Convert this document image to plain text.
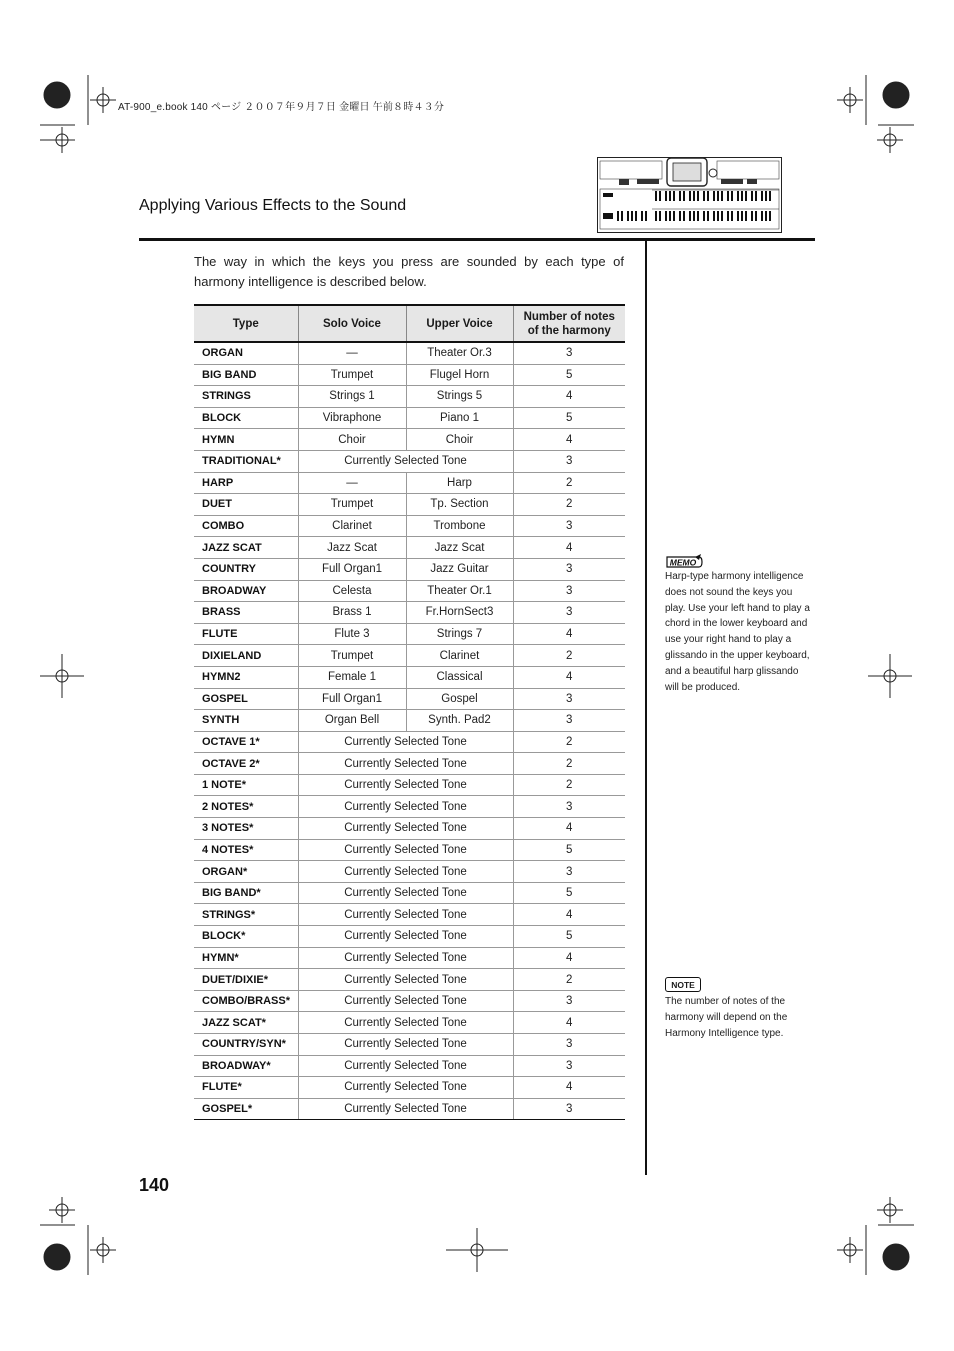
AT-900_e.book 140 ページ ２００７年９月７日 金曜日 午前８時４３分
Applying Various Effects to the Sound
The way in which the keys you press are sounded by each type of harmony intelligence is described below.
Type	Solo Voice	Upper Voice	Number of notes
of the harmony
ORGAN	—	Theater Or.3	3
BIG BAND	Trumpet	Flugel Horn	5
STRINGS	Strings 1	Strings 5	4
BLOCK	Vibraphone	Piano 1	5
HYMN	Choir	Choir	4
TRADITIONAL*	Currently Selected Tone		3
HARP	—	Harp	2
DUET	Trumpet	Tp. Section	2
COMBO	Clarinet	Trombone	3
JAZZ SCAT	Jazz Scat	Jazz Scat	4
COUNTRY	Full Organ1	Jazz Guitar	3
BROADWAY	Celesta	Theater Or.1	3
BRASS	Brass 1	Fr.HornSect3	3
FLUTE	Flute 3	Strings 7	4
DIXIELAND	Trumpet	Clarinet	2
HYMN2	Female 1	Classical	4
GOSPEL	Full Organ1	Gospel	3
SYNTH	Organ Bell	Synth. Pad2	3
OCTAVE 1*	Currently Selected Tone		2
OCTAVE 2*	Currently Selected Tone		2
1 NOTE*	Currently Selected Tone		2
2 NOTES*	Currently Selected Tone		3
3 NOTES*	Currently Selected Tone		4
4 NOTES*	Currently Selected Tone		5
ORGAN*	Currently Selected Tone		3
BIG BAND*	Currently Selected Tone		5
STRINGS*	Currently Selected Tone		4
BLOCK*	Currently Selected Tone		5
HYMN*	Currently Selected Tone		4
DUET/DIXIE*	Currently Selected Tone		2
COMBO/BRASS*	Currently Selected Tone		3
JAZZ SCAT*	Currently Selected Tone		4
COUNTRY/SYN*	Currently Selected Tone		3
BROADWAY*	Currently Selected Tone		3
FLUTE*	Currently Selected Tone		4
GOSPEL*	Currently Selected Tone		3
MEMO
Harp-type harmony intelligence does not sound the keys you play. Use your left hand to play a chord in the lower keyboard and use your right hand to play a glissando in the upper keyboard, and a beautiful harp glissando will be produced.
NOTE
The number of notes of the harmony will depend on the Harmony Intelligence type.
140
